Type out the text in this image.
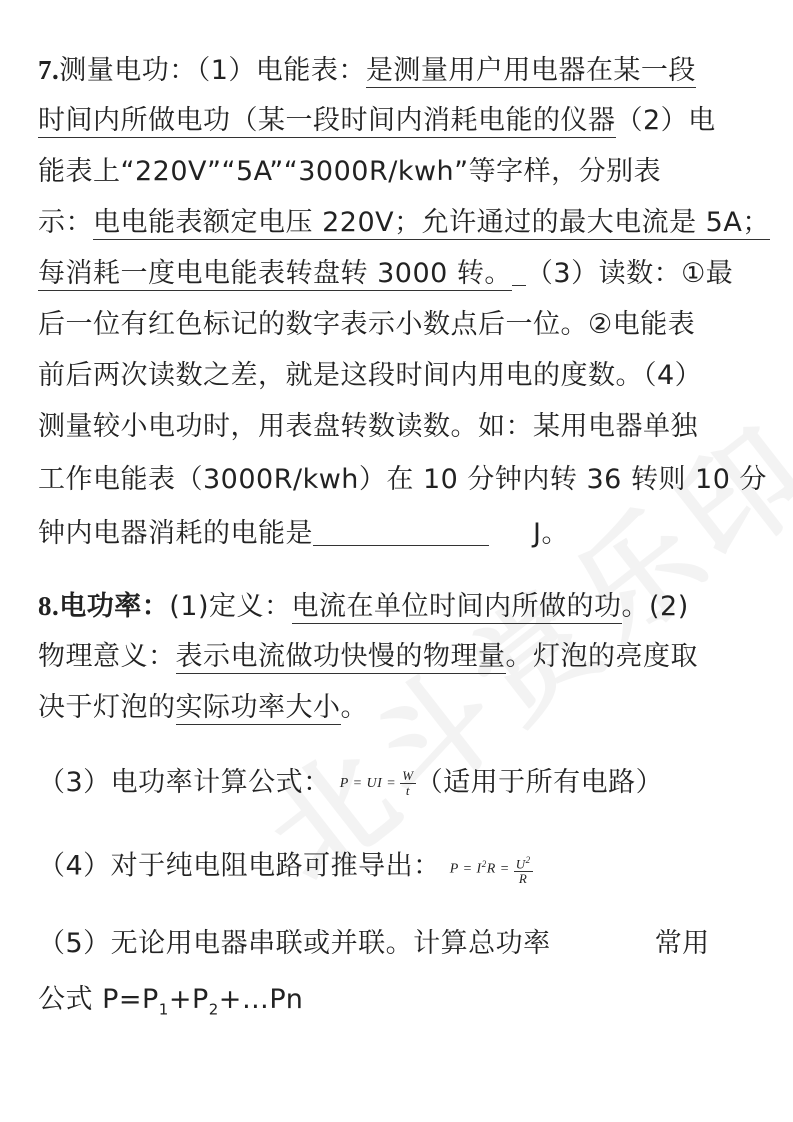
7.测量电功：（1）电能表：是测量用户用电器在某一段
时间内所做电功（某一段时间内消耗电能的仪器（2）电
能表上“220V”“5A”“3000R/kwh”等字样，分别表
示：电电能表额定电压 220V；允许通过的最大电流是 5A；
每消耗一度电电能表转盘转 3000 转。 （3）读数：①最
后一位有红色标记的数字表示小数点后一位。②电能表
前后两次读数之差，就是这段时间内用电的度数。（4）
测量较小电功时，用表盘转数读数。如：某用电器单独
工作电能表（3000R/kwh）在 10 分钟内转 36 转则 10 分
钟内电器消耗的电能是	J。
8.电功率：(1)定义：电流在单位时间内所做的功。(2)
物理意义：表示电流做功快慢的物理量。灯泡的亮度取
决于灯泡的实际功率大小。
（3）电功率计算公式： P = UI = $\frac{W}{t}$ （适用于所有电路）
（4）对于纯电阻电路可推导出： $P = I^2R = \frac{U^2}{R}$
（5）无论用电器串联或并联。计算总功率	常用
公式 $P=P_1+P_2+\dots Pn$
